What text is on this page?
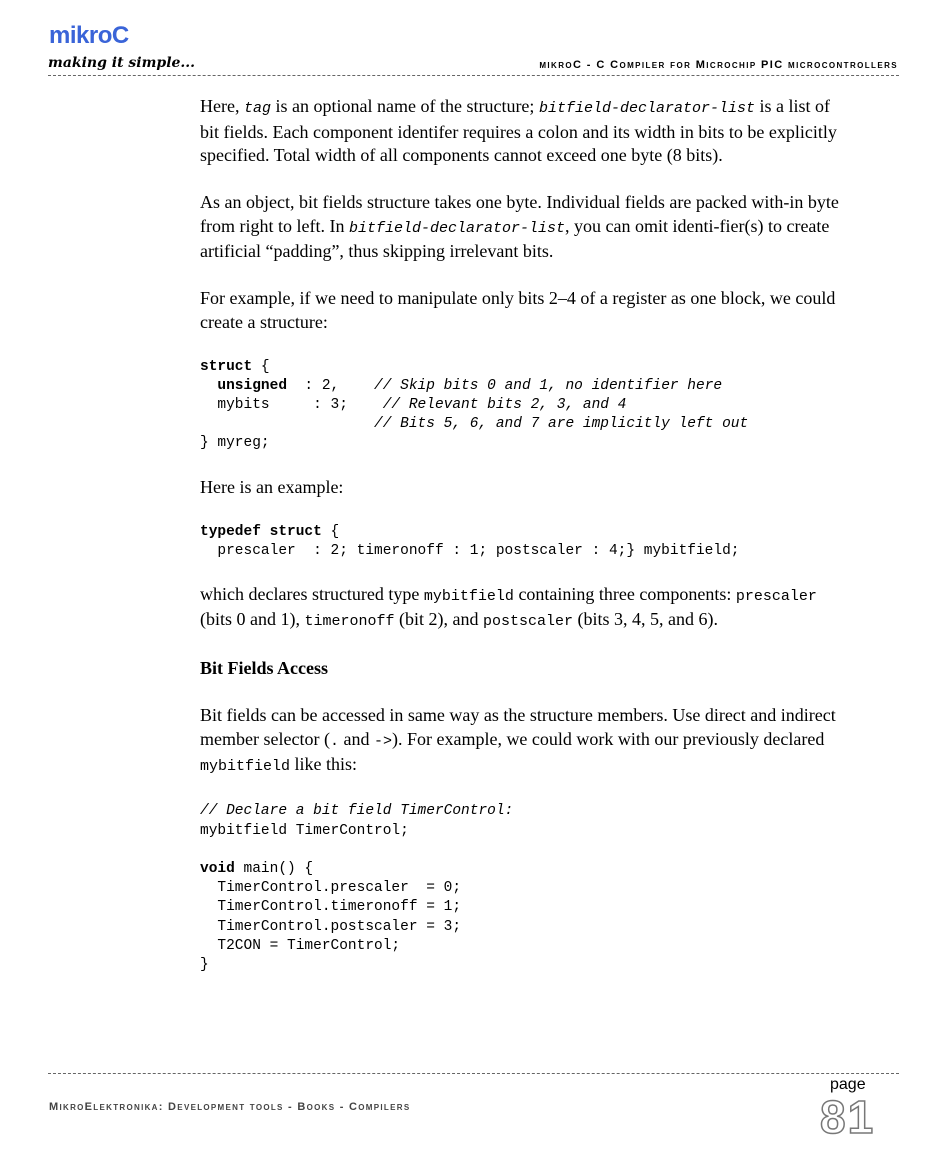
mikroC
making it simple...	mikroC - C Compiler for Microchip PIC microcontrollers

Here, tag is an optional name of the structure; bitfield-declarator-list is a list of bit fields. Each component identifer requires a colon and its width in bits to be explicitly specified. Total width of all components cannot exceed one byte (8 bits).

As an object, bit fields structure takes one byte. Individual fields are packed with-in byte from right to left. In bitfield-declarator-list, you can omit identi-fier(s) to create artificial “padding”, thus skipping irrelevant bits.

For example, if we need to manipulate only bits 2–4 of a register as one block, we could create a structure:

struct {
unsigned  : 2,    // Skip bits 0 and 1, no identifier here
mybits     : 3;    // Relevant bits 2, 3, and 4
// Bits 5, 6, and 7 are implicitly left out
} myreg;

Here is an example:

typedef struct {
prescaler  : 2; timeronoff : 1; postscaler : 4;} mybitfield;

which declares structured type mybitfield containing three components: prescaler (bits 0 and 1), timeronoff (bit 2), and postscaler (bits 3, 4, 5, and 6).

Bit Fields Access

Bit fields can be accessed in same way as the structure members. Use direct and indirect member selector (. and ->). For example, we could work with our previously declared mybitfield like this:

// Declare a bit field TimerControl:
mybitfield TimerControl;

void main() {
TimerControl.prescaler  = 0;
TimerControl.timeronoff = 1;
TimerControl.postscaler = 3;
T2CON = TimerControl;
}
page
MikroElektronika: Development tools - Books - Compilers	81
